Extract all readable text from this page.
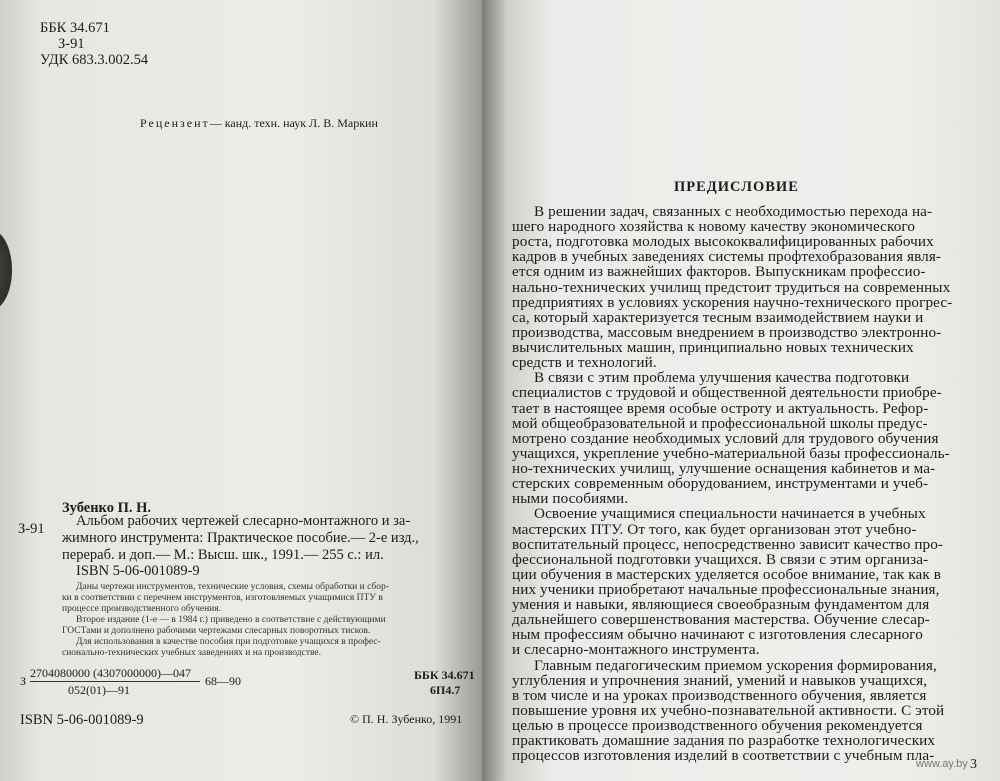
ББК 34.671
З-91
УДК 683.3.002.54
Рецензент— канд. техн. наук Л. В. Маркин
Зубенко П. Н.
З-91 Альбом рабочих чертежей слесарно-монтажного и за-
жимного инструмента: Практическое пособие.— 2-е изд.,
перераб. и доп.— М.: Высш. шк., 1991.— 255 с.: ил.
ISBN 5-06-001089-9
Даны чертежи инструментов, технические условия, схемы обработки и сбор-
ки в соответствии с перечнем инструментов, изготовляемых учащимися ПТУ в
процессе производственного обучения.
Второе издание (1-е — в 1984 г.) приведено в соответствие с действующими
ГОСТами и дополнено рабочими чертежами слесарных поворотных тисков.
Для использования в качестве пособия при подготовке учащихся в профес-
сионально-технических учебных заведениях и на производстве.
З
2704080000 (4307000000)—047
052(01)—91
68—90	ББК 34.671
6П4.7
ISBN 5-06-001089-9	© П. Н. Зубенко, 1991
ПРЕДИСЛОВИЕ
В решении задач, связанных с необходимостью перехода на-
шего народного хозяйства к новому качеству экономического
роста, подготовка молодых высококвалифицированных рабочих
кадров в учебных заведениях системы профтехобразования явля-
ется одним из важнейших факторов. Выпускникам профессио-
нально-технических училищ предстоит трудиться на современных
предприятиях в условиях ускорения научно-технического прогрес-
са, который характеризуется тесным взаимодействием науки и
производства, массовым внедрением в производство электронно-
вычислительных машин, принципиально новых технических
средств и технологий.
В связи с этим проблема улучшения качества подготовки
специалистов с трудовой и общественной деятельности приобре-
тает в настоящее время особые остроту и актуальность. Рефор-
мой общеобразовательной и профессиональной школы предус-
мотрено создание необходимых условий для трудового обучения
учащихся, укрепление учебно-материальной базы профессиональ-
но-технических училищ, улучшение оснащения кабинетов и ма-
стерских современным оборудованием, инструментами и учеб-
ными пособиями.
Освоение учащимися специальности начинается в учебных
мастерских ПТУ. От того, как будет организован этот учебно-
воспитательный процесс, непосредственно зависит качество про-
фессиональной подготовки учащихся. В связи с этим организа-
ции обучения в мастерских уделяется особое внимание, так как в
них ученики приобретают начальные профессиональные знания,
умения и навыки, являющиеся своеобразным фундаментом для
дальнейшего совершенствования мастерства. Обучение слесар-
ным профессиям обычно начинают с изготовления слесарного
и слесарно-монтажного инструмента.
Главным педагогическим приемом ускорения формирования,
углубления и упрочнения знаний, умений и навыков учащихся,
в том числе и на уроках производственного обучения, является
повышение уровня их учебно-познавательной активности. С этой
целью в процессе производственного обучения рекомендуется
практиковать домашние задания по разработке технологических
процессов изготовления изделий в соответствии с учебным пла-
3
www.ay.by
